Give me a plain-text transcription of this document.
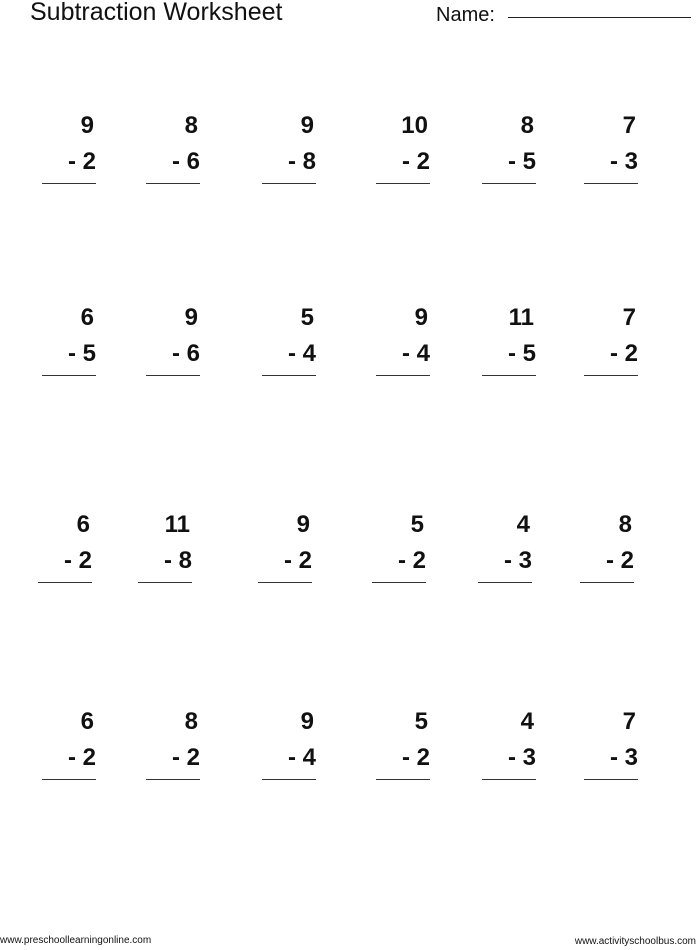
Subtraction Worksheet	Name:
9
- 2
8
- 6
9
- 8
10
- 2
8
- 5
7
- 3
6
- 5
9
- 6
5
- 4
9
- 4
11
- 5
7
- 2
6
- 2
11
- 8
9
- 2
5
- 2
4
- 3
8
- 2
6
- 2
8
- 2
9
- 4
5
- 2
4
- 3
7
- 3
www.preschoollearningonline.com	www.activityschoolbus.com
